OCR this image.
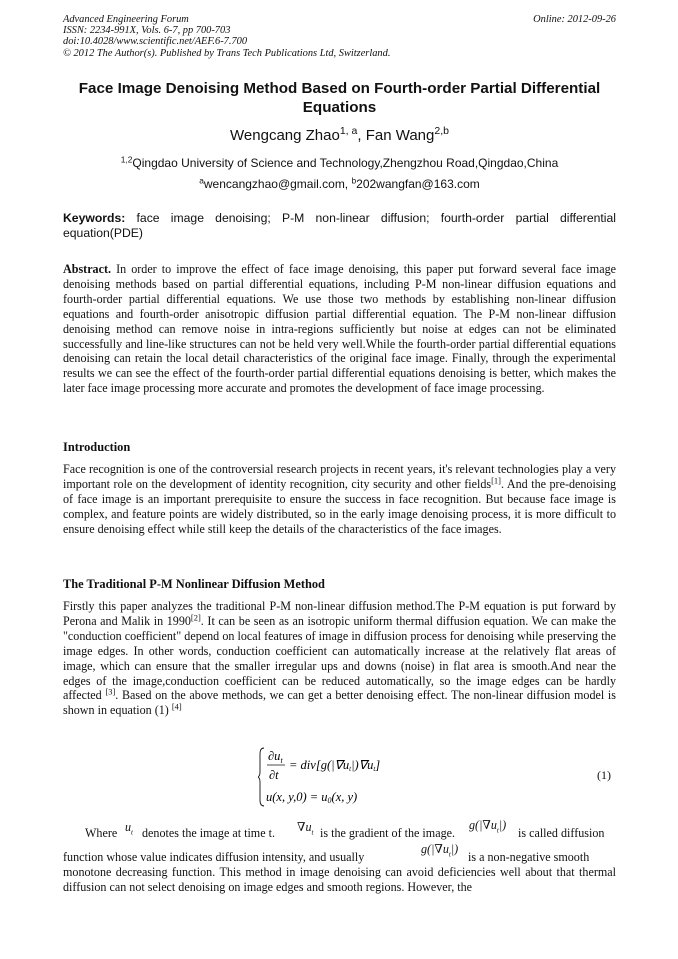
Advanced Engineering Forum
ISSN: 2234-991X, Vols. 6-7, pp 700-703
doi:10.4028/www.scientific.net/AEF.6-7.700
© 2012 The Author(s). Published by Trans Tech Publications Ltd, Switzerland.
Online: 2012-09-26
Face Image Denoising Method Based on Fourth-order Partial Differential Equations
Wengcang Zhao$^{1, a}$, Fan Wang$^{2,b}$
$^{1,2}$Qingdao University of Science and Technology,Zhengzhou Road,Qingdao,China
$^a$wencangzhao@gmail.com, $^b$202wangfan@163.com
Keywords: face image denoising; P-M non-linear diffusion; fourth-order partial differential equation(PDE)
Abstract. In order to improve the effect of face image denoising, this paper put forward several face image denoising methods based on partial differential equations, including P-M non-linear diffusion equations and fourth-order partial differential equations. We use those two methods by establishing non-linear diffusion equations and fourth-order anisotropic diffusion partial differential equation. The P-M non-linear diffusion denoising method can remove noise in intra-regions sufficiently but noise at edges can not be eliminated successfully and line-like structures can not be held very well.While the fourth-order partial differential equations denoising can retain the local detail characteristics of the original face image. Finally, through the experimental results we can see the effect of the fourth-order partial differential equations denoising is better, which makes the later face image processing more accurate and promotes the development of face image processing.
Introduction
Face recognition is one of the controversial research projects in recent years, it's relevant technologies play a very important role on the development of identity recognition, city security and other fields[1]. And the pre-denoising of face image is an important prerequisite to ensure the success in face recognition. But because face image is complex, and feature points are widely distributed, so in the early image denoising process, it is more difficult to ensure denoising effect while still keep the details of the characteristics of the face images.
The Traditional P-M Nonlinear Diffusion Method
Firstly this paper analyzes the traditional P-M non-linear diffusion method.The P-M equation is put forward by Perona and Malik in 1990[2]. It can be seen as an isotropic uniform thermal diffusion equation. We can make the "conduction coefficient" depend on local features of image in diffusion process for denoising while preserving the image edges. In other words, conduction coefficient can automatically increase at the relatively flat areas of image, which can ensure that the smaller irregular ups and downs (noise) in flat area is smooth.And near the edges of the image,conduction coefficient can be reduced automatically, so the image edges can be hardly affected [3]. Based on the above methods, we can get a better denoising effect. The non-linear diffusion model is shown in equation (1) [4]
$\partial u_t$
∂t
= div[g(|∇ut|)∇ut]
u(x, y,0) = u0(x, y)
(1)
Where $u_t$ denotes the image at time t. $\nabla u_t$ is the gradient of the image.
$g(|\nabla u_t|)$
is called diffusion
function whose value indicates diffusion intensity, and usually
$g(|\nabla u_t|)$
is a non-negative smooth
monotone decreasing function. This method in image denoising can avoid deficiencies well about that thermal diffusion can not select denoising on image edges and smooth regions. However, the
